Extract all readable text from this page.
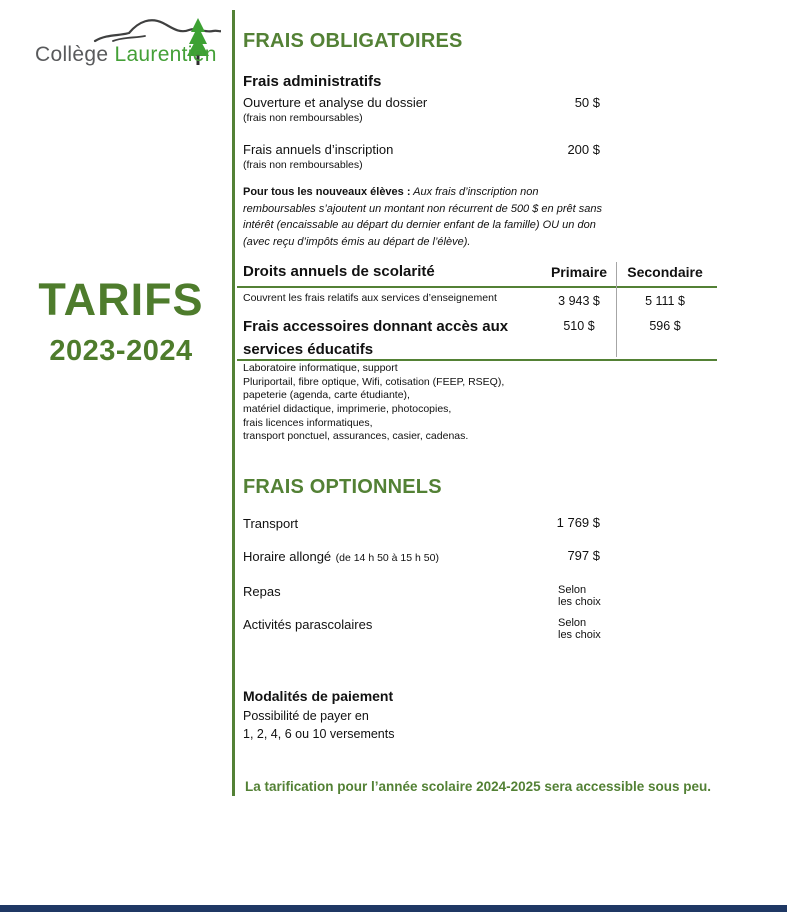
Collège Laurentien
TARIFS
2023-2024
FRAIS OBLIGATOIRES
Frais administratifs
Ouverture et analyse du dossier
(frais non remboursables)
50 $
Frais annuels d’inscription
(frais non remboursables)
200 $
Pour tous les nouveaux élèves : Aux frais d’inscription non remboursables s’ajoutent un montant non récurrent de 500 $ en prêt sans intérêt (encaissable au départ du dernier enfant de la famille) OU un don (avec reçu d’impôts émis au départ de l’élève).
Droits annuels de scolarité	Primaire	Secondaire
Couvrent les frais relatifs aux services d’enseignement	3 943 $	5 111 $
Frais accessoires donnant accès aux services éducatifs
510 $	596 $
Laboratoire informatique, support
Pluriportail, fibre optique, Wifi, cotisation (FEEP, RSEQ),
papeterie (agenda, carte étudiante),
matériel didactique, imprimerie, photocopies,
frais licences informatiques,
transport ponctuel, assurances, casier, cadenas.
FRAIS OPTIONNELS
Transport	1 769 $
Horaire allongé (de 14 h 50 à 15 h 50)	797 $
Repas	Selon les choix
Activités parascolaires	Selon les choix
Modalités de paiement
Possibilité de payer en
1, 2, 4, 6 ou 10 versements
La tarification pour l’année scolaire 2024-2025 sera accessible sous peu.
